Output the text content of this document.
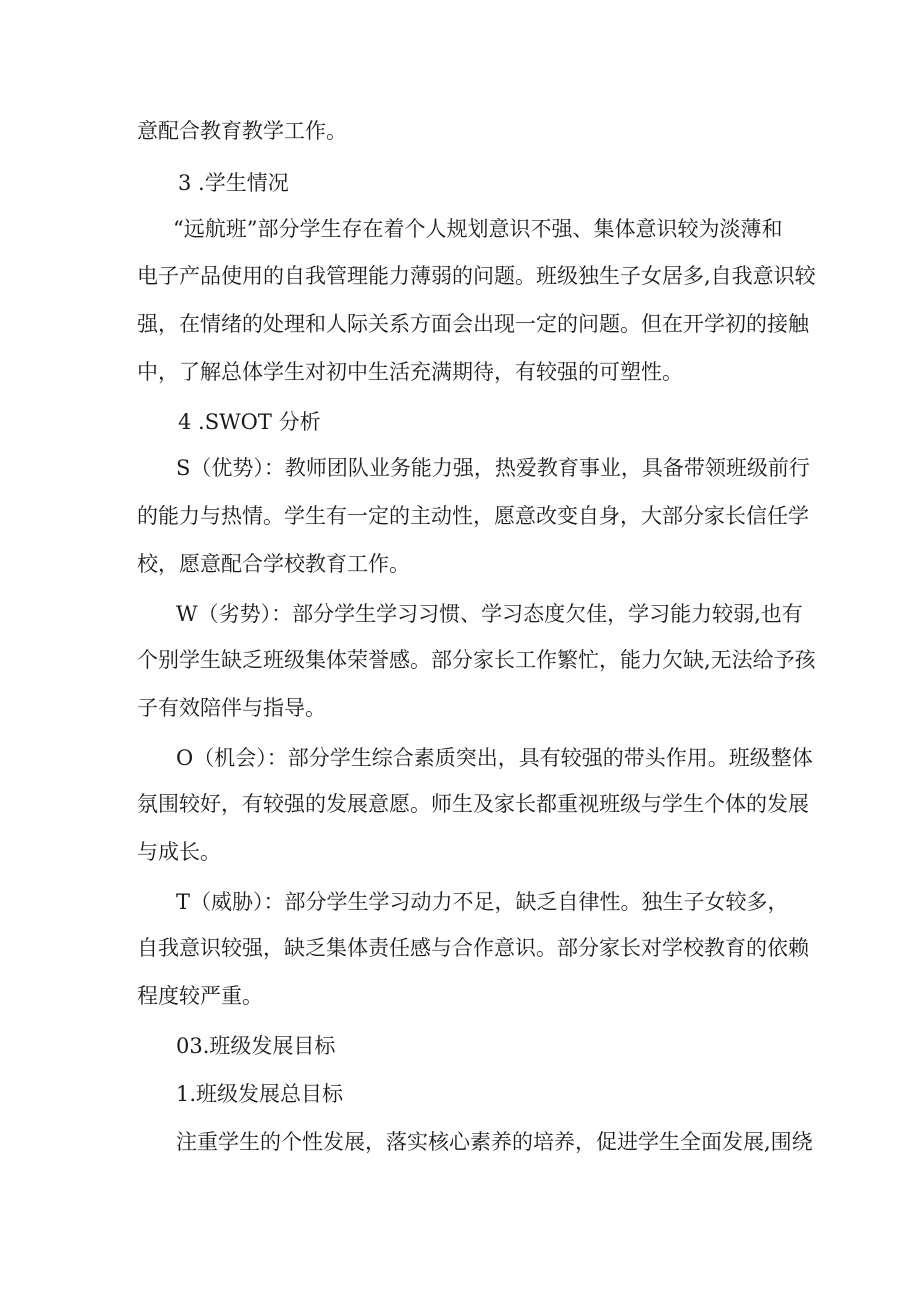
意配合教育教学工作。
3 .学生情况
“远航班”部分学生存在着个人规划意识不强、集体意识较为淡薄和
电子产品使用的自我管理能力薄弱的问题。班级独生子女居多,自我意识较
强，在情绪的处理和人际关系方面会出现一定的问题。但在开学初的接触
中，了解总体学生对初中生活充满期待，有较强的可塑性。
4 .SWOT 分析
S（优势）：教师团队业务能力强，热爱教育事业，具备带领班级前行
的能力与热情。学生有一定的主动性，愿意改变自身，大部分家长信任学
校，愿意配合学校教育工作。
W（劣势）：部分学生学习习惯、学习态度欠佳，学习能力较弱,也有
个别学生缺乏班级集体荣誉感。部分家长工作繁忙，能力欠缺,无法给予孩
子有效陪伴与指导。
O（机会）：部分学生综合素质突出，具有较强的带头作用。班级整体
氛围较好，有较强的发展意愿。师生及家长都重视班级与学生个体的发展
与成长。
T（威胁）：部分学生学习动力不足，缺乏自律性。独生子女较多，
自我意识较强，缺乏集体责任感与合作意识。部分家长对学校教育的依赖
程度较严重。
03.班级发展目标
1.班级发展总目标
注重学生的个性发展，落实核心素养的培养，促进学生全面发展,围绕
